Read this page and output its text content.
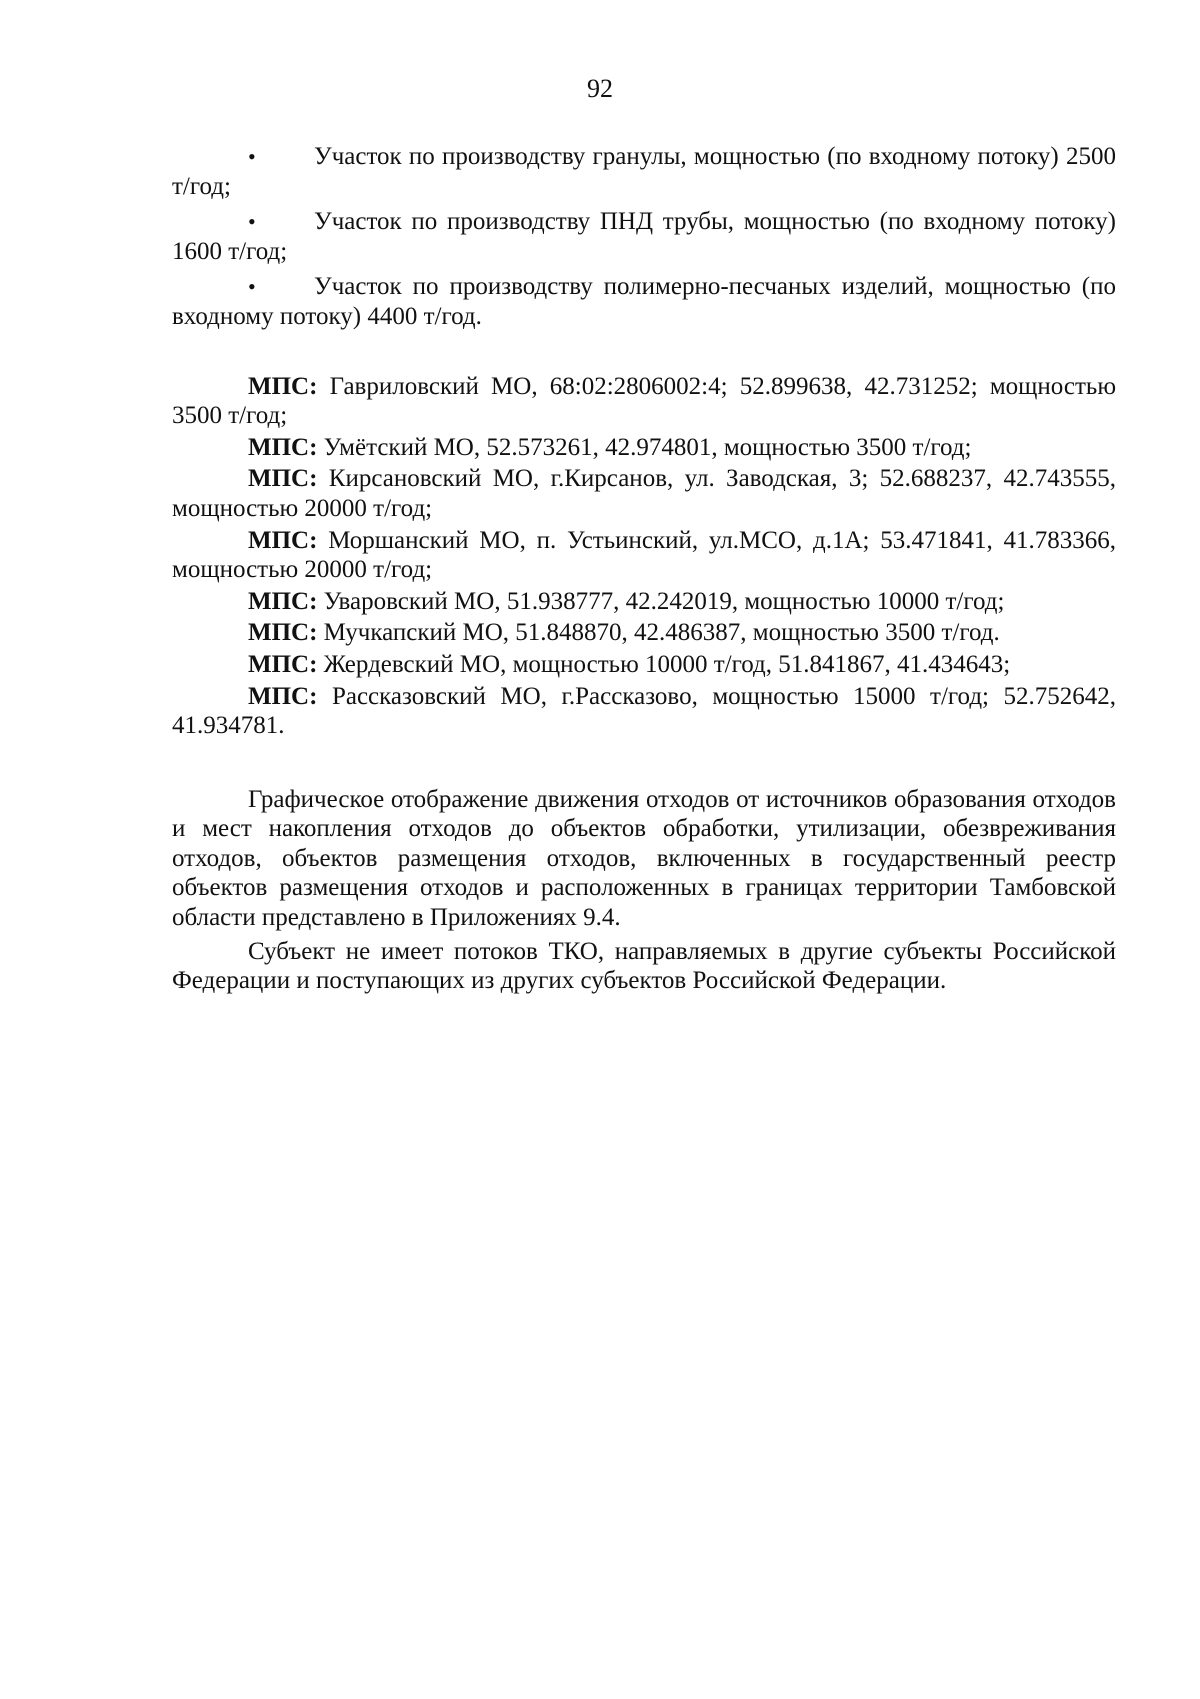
92

• Участок по производству гранулы, мощностью (по входному потоку) 2500 т/год;

• Участок по производству ПНД трубы, мощностью (по входному потоку) 1600 т/год;

• Участок по производству полимерно-песчаных изделий, мощностью (по входному потоку) 4400 т/год.

МПС: Гавриловский МО, 68:02:2806002:4; 52.899638, 42.731252; мощностью 3500 т/год;

МПС: Умётский МО, 52.573261, 42.974801, мощностью 3500 т/год;

МПС: Кирсановский МО, г.Кирсанов, ул. Заводская, 3; 52.688237, 42.743555, мощностью 20000 т/год;

МПС: Моршанский МО, п. Устьинский, ул.МСО, д.1А; 53.471841, 41.783366, мощностью 20000 т/год;

МПС: Уваровский МО, 51.938777, 42.242019, мощностью 10000 т/год;

МПС: Мучкапский МО, 51.848870, 42.486387, мощностью 3500 т/год.

МПС: Жердевский МО, мощностью 10000 т/год, 51.841867, 41.434643;

МПС: Рассказовский МО, г.Рассказово, мощностью 15000 т/год; 52.752642, 41.934781.

Графическое отображение движения отходов от источников образования отходов и мест накопления отходов до объектов обработки, утилизации, обезвреживания отходов, объектов размещения отходов, включенных в государственный реестр объектов размещения отходов и расположенных в границах территории Тамбовской области представлено в Приложениях 9.4.

Субъект не имеет потоков ТКО, направляемых в другие субъекты Российской Федерации и поступающих из других субъектов Российской Федерации.
